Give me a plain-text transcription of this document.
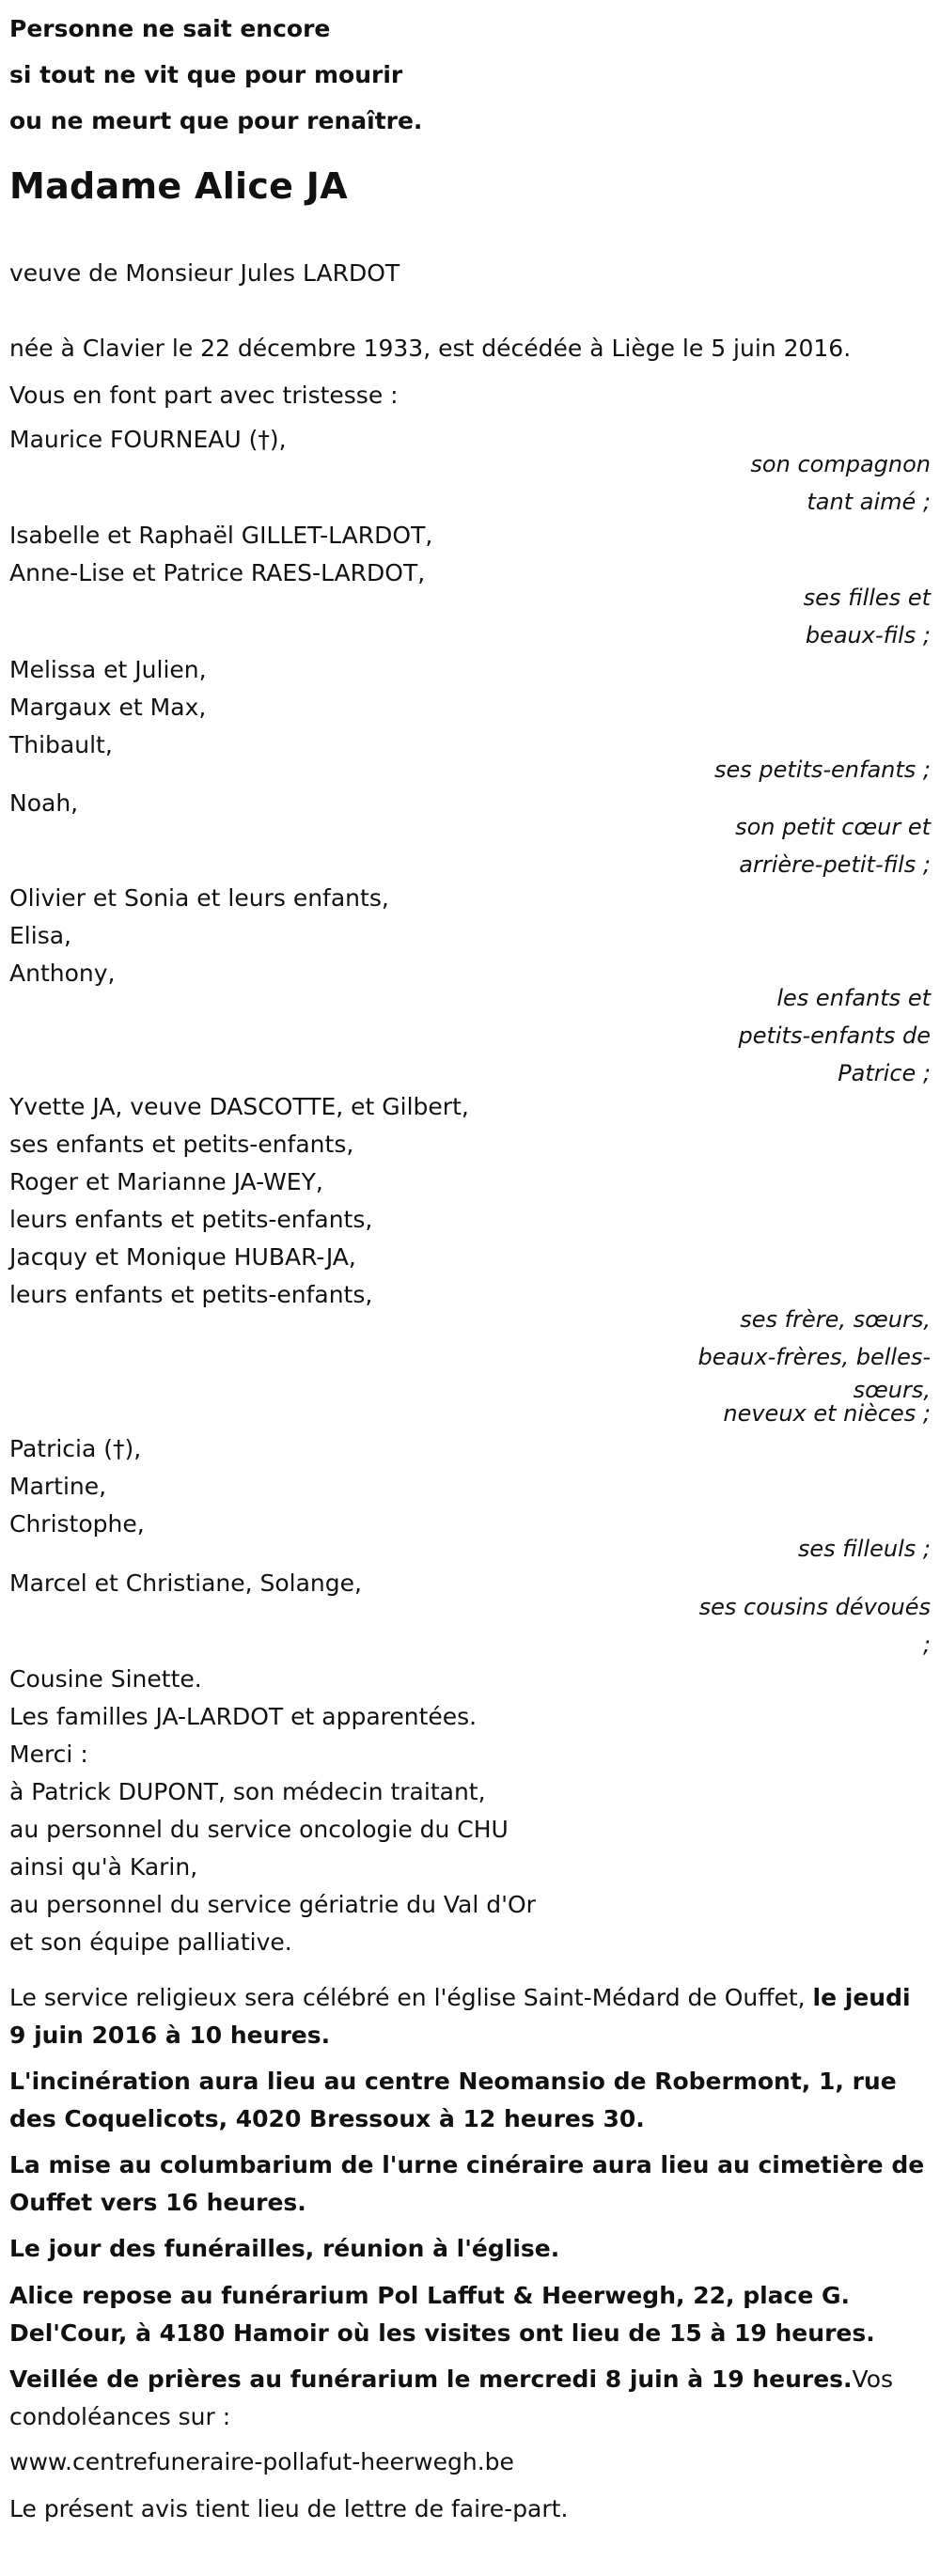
Personne ne sait encore
si tout ne vit que pour mourir
ou ne meurt que pour renaître.
Madame Alice JA
veuve de Monsieur Jules LARDOT
née à Clavier le 22 décembre 1933, est décédée à Liège le 5 juin 2016.
Vous en font part avec tristesse :
Maurice FOURNEAU (†),
son compagnon
tant aimé ;
Isabelle et Raphaël GILLET-LARDOT,
Anne-Lise et Patrice RAES-LARDOT,
ses filles et
beaux-fils ;
Melissa et Julien,
Margaux et Max,
Thibault,
ses petits-enfants ;
Noah,
son petit cœur et
arrière-petit-fils ;
Olivier et Sonia et leurs enfants,
Elisa,
Anthony,
les enfants et
petits-enfants de
Patrice ;
Yvette JA, veuve DASCOTTE, et Gilbert,
ses enfants et petits-enfants,
Roger et Marianne JA-WEY,
leurs enfants et petits-enfants,
Jacquy et Monique HUBAR-JA,
leurs enfants et petits-enfants,
ses frère, sœurs,
beaux-frères, belles-
sœurs,
neveux et nièces ;
Patricia (†),
Martine,
Christophe,
ses filleuls ;
Marcel et Christiane, Solange,
ses cousins dévoués
;
Cousine Sinette.
Les familles JA-LARDOT et apparentées.
Merci :
à Patrick DUPONT, son médecin traitant,
au personnel du service oncologie du CHU
ainsi qu'à Karin,
au personnel du service gériatrie du Val d'Or
et son équipe palliative.
Le service religieux sera célébré en l'église Saint-Médard de Ouffet, le jeudi 9 juin 2016 à 10 heures.
L'incinération aura lieu au centre Neomansio de Robermont, 1, rue des Coquelicots, 4020 Bressoux à 12 heures 30.
La mise au columbarium de l'urne cinéraire aura lieu au cimetière de Ouffet vers 16 heures.
Le jour des funérailles, réunion à l'église.
Alice repose au funérarium Pol Laffut & Heerwegh, 22, place G. Del'Cour, à 4180 Hamoir où les visites ont lieu de 15 à 19 heures.
Veillée de prières au funérarium le mercredi 8 juin à 19 heures.Vos condoléances sur :
www.centrefuneraire-pollafut-heerwegh.be
Le présent avis tient lieu de lettre de faire-part.
